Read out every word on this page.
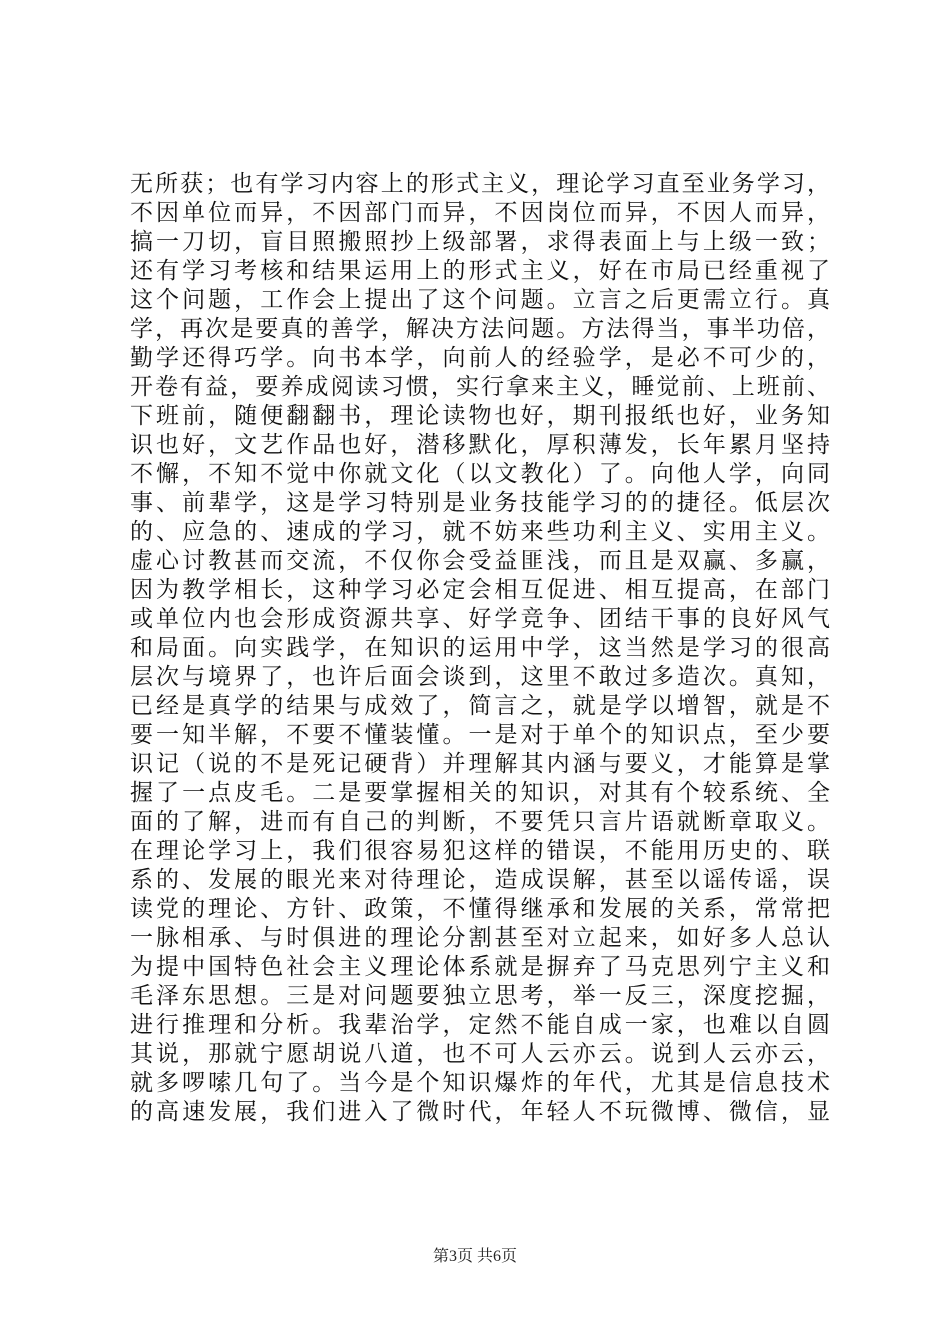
无所获；也有学习内容上的形式主义，理论学习直至业务学习，
不因单位而异，不因部门而异，不因岗位而异，不因人而异，
搞一刀切，盲目照搬照抄上级部署，求得表面上与上级一致；
还有学习考核和结果运用上的形式主义，好在市局已经重视了
这个问题，工作会上提出了这个问题。立言之后更需立行。真
学，再次是要真的善学，解决方法问题。方法得当，事半功倍，
勤学还得巧学。向书本学，向前人的经验学，是必不可少的，
开卷有益，要养成阅读习惯，实行拿来主义，睡觉前、上班前、
下班前，随便翻翻书，理论读物也好，期刊报纸也好，业务知
识也好，文艺作品也好，潜移默化，厚积薄发，长年累月坚持
不懈，不知不觉中你就文化（以文教化）了。向他人学，向同
事、前辈学，这是学习特别是业务技能学习的的捷径。低层次
的、应急的、速成的学习，就不妨来些功利主义、实用主义。
虚心讨教甚而交流，不仅你会受益匪浅，而且是双赢、多赢，
因为教学相长，这种学习必定会相互促进、相互提高，在部门
或单位内也会形成资源共享、好学竞争、团结干事的良好风气
和局面。向实践学，在知识的运用中学，这当然是学习的很高
层次与境界了，也许后面会谈到，这里不敢过多造次。真知，
已经是真学的结果与成效了，简言之，就是学以增智，就是不
要一知半解，不要不懂装懂。一是对于单个的知识点，至少要
识记（说的不是死记硬背）并理解其内涵与要义，才能算是掌
握了一点皮毛。二是要掌握相关的知识，对其有个较系统、全
面的了解，进而有自己的判断，不要凭只言片语就断章取义。
在理论学习上，我们很容易犯这样的错误，不能用历史的、联
系的、发展的眼光来对待理论，造成误解，甚至以谣传谣，误
读党的理论、方针、政策，不懂得继承和发展的关系，常常把
一脉相承、与时俱进的理论分割甚至对立起来，如好多人总认
为提中国特色社会主义理论体系就是摒弃了马克思列宁主义和
毛泽东思想。三是对问题要独立思考，举一反三，深度挖掘，
进行推理和分析。我辈治学，定然不能自成一家，也难以自圆
其说，那就宁愿胡说八道，也不可人云亦云。说到人云亦云，
就多啰嗦几句了。当今是个知识爆炸的年代，尤其是信息技术
的高速发展，我们进入了微时代，年轻人不玩微博、微信，显
第3页 共6页
